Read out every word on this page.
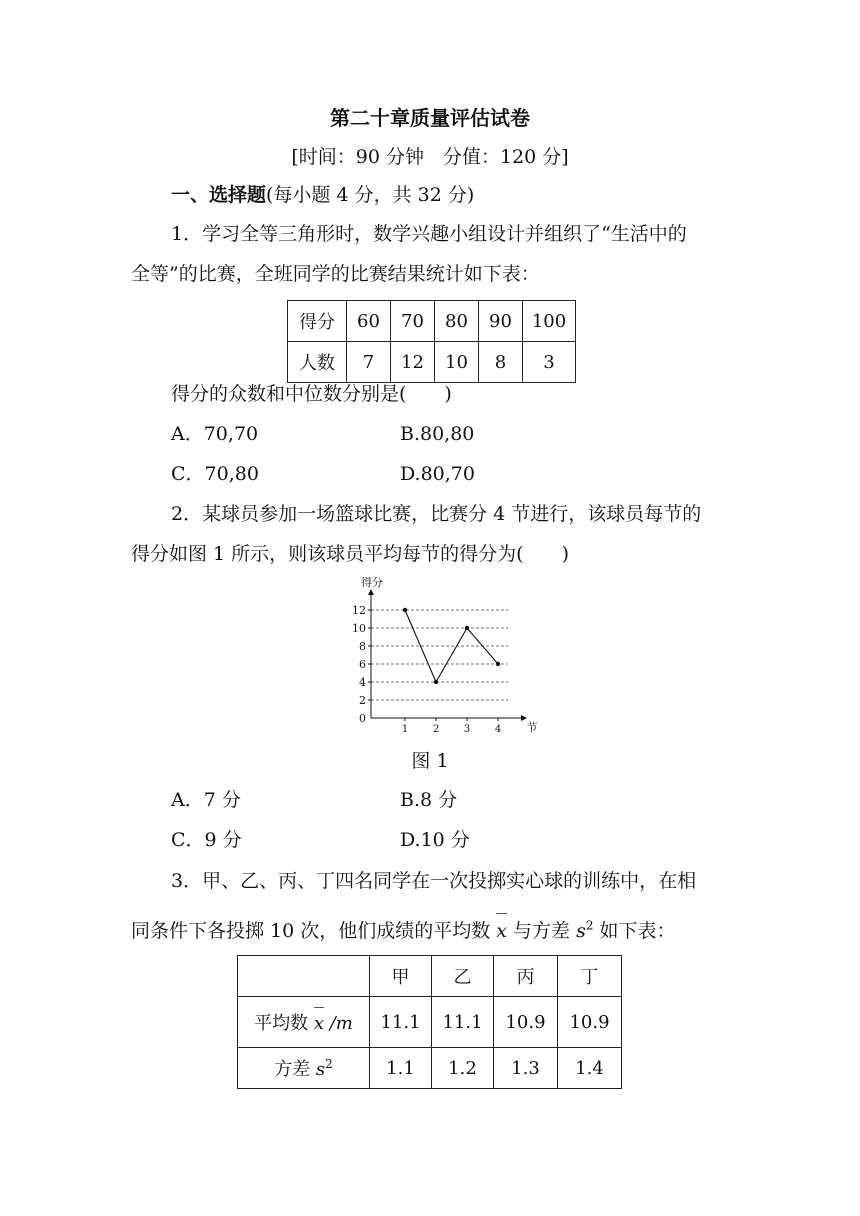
第二十章质量评估试卷
[时间：90 分钟　分值：120 分]
一、选择题(每小题 4 分，共 32 分)
1．学习全等三角形时，数学兴趣小组设计并组织了“生活中的
全等”的比赛，全班同学的比赛结果统计如下表：
得分	60	70	80	90	100
人数	7	12	10	8	3
得分的众数和中位数分别是(　　)
A．70,70	B.80,80
C．70,80	D.80,70
2．某球员参加一场篮球比赛，比赛分 4 节进行，该球员每节的
得分如图 1 所示，则该球员平均每节的得分为(　　)
0
2
4
6
8
10
12
1 2 3 4
得分
节
图 1
A．7 分	B.8 分
C．9 分	D.10 分
3．甲、乙、丙、丁四名同学在一次投掷实心球的训练中，在相
同条件下各投掷 10 次，他们成绩的平均数 x 与方差 $s^2$ 如下表：
	甲	乙	丙	丁
平均数 x /m	11.1	11.1	10.9	10.9
方差 $s^2$	1.1	1.2	1.3	1.4
